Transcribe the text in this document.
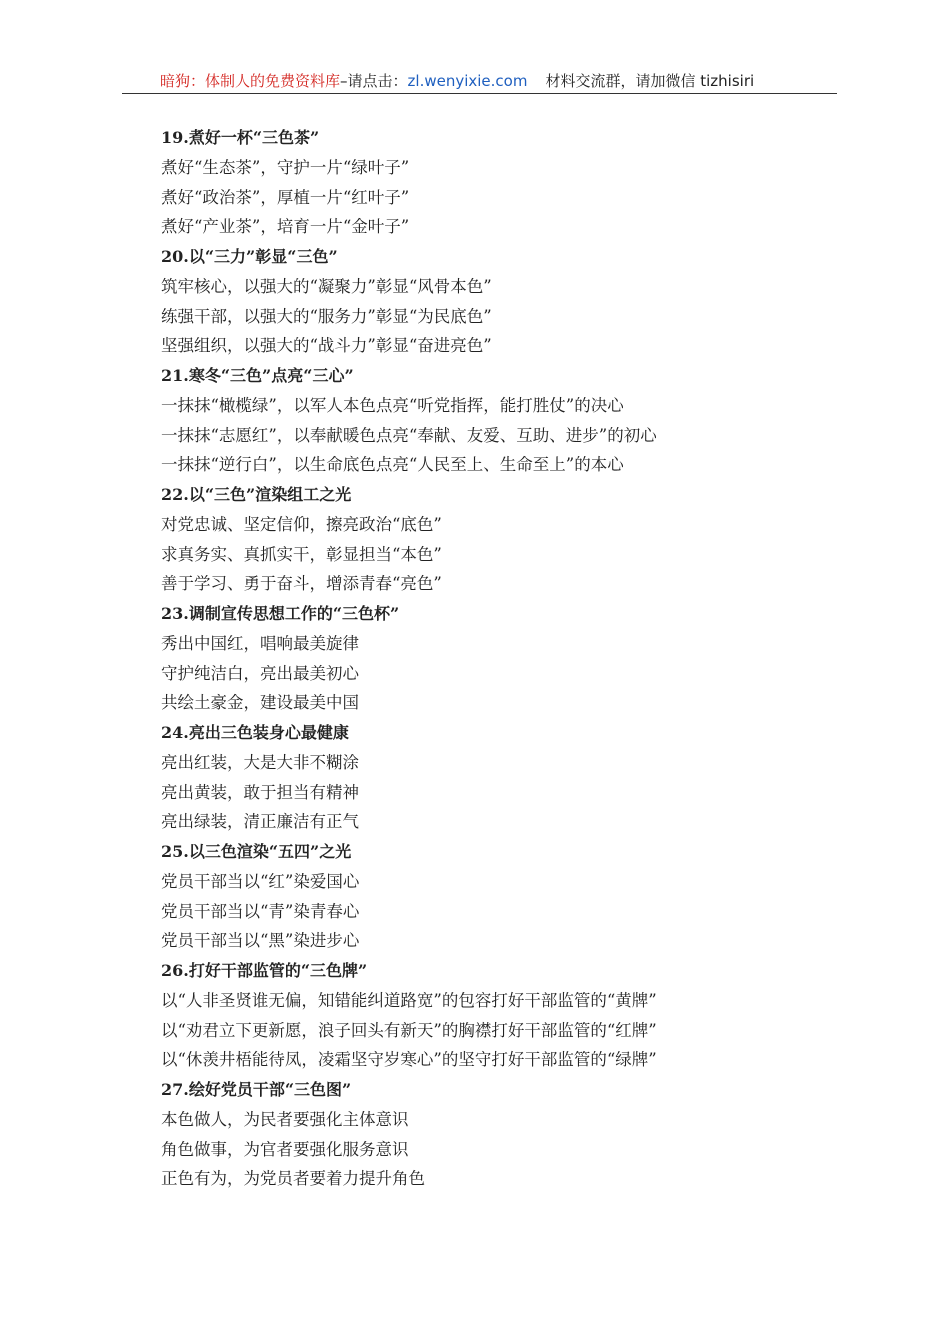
暗狗：体制人的免费资料库–请点击：zl.wenyixie.com 材料交流群，请加微信 tizhisiri
19.煮好一杯“三色茶”
煮好“生态茶”，守护一片“绿叶子”
煮好“政治茶”，厚植一片“红叶子”
煮好“产业茶”，培育一片“金叶子”
20.以“三力”彰显“三色”
筑牢核心，以强大的“凝聚力”彰显“风骨本色”
练强干部，以强大的“服务力”彰显“为民底色”
坚强组织，以强大的“战斗力”彰显“奋进亮色”
21.寒冬“三色”点亮“三心”
一抹抹“橄榄绿”，以军人本色点亮“听党指挥，能打胜仗”的决心
一抹抹“志愿红”，以奉献暖色点亮“奉献、友爱、互助、进步”的初心
一抹抹“逆行白”，以生命底色点亮“人民至上、生命至上”的本心
22.以“三色”渲染组工之光
对党忠诚、坚定信仰，擦亮政治“底色”
求真务实、真抓实干，彰显担当“本色”
善于学习、勇于奋斗，增添青春“亮色”
23.调制宣传思想工作的“三色杯”
秀出中国红，唱响最美旋律
守护纯洁白，亮出最美初心
共绘土豪金，建设最美中国
24.亮出三色装身心最健康
亮出红装，大是大非不糊涂
亮出黄装，敢于担当有精神
亮出绿装，清正廉洁有正气
25.以三色渲染“五四”之光
党员干部当以“红”染爱国心
党员干部当以“青”染青春心
党员干部当以“黑”染进步心
26.打好干部监管的“三色牌”
以“人非圣贤谁无偏，知错能纠道路宽”的包容打好干部监管的“黄牌”
以“劝君立下更新愿，浪子回头有新天”的胸襟打好干部监管的“红牌”
以“休羡井梧能待凤，凌霜坚守岁寒心”的坚守打好干部监管的“绿牌”
27.绘好党员干部“三色图”
本色做人，为民者要强化主体意识
角色做事，为官者要强化服务意识
正色有为，为党员者要着力提升角色
